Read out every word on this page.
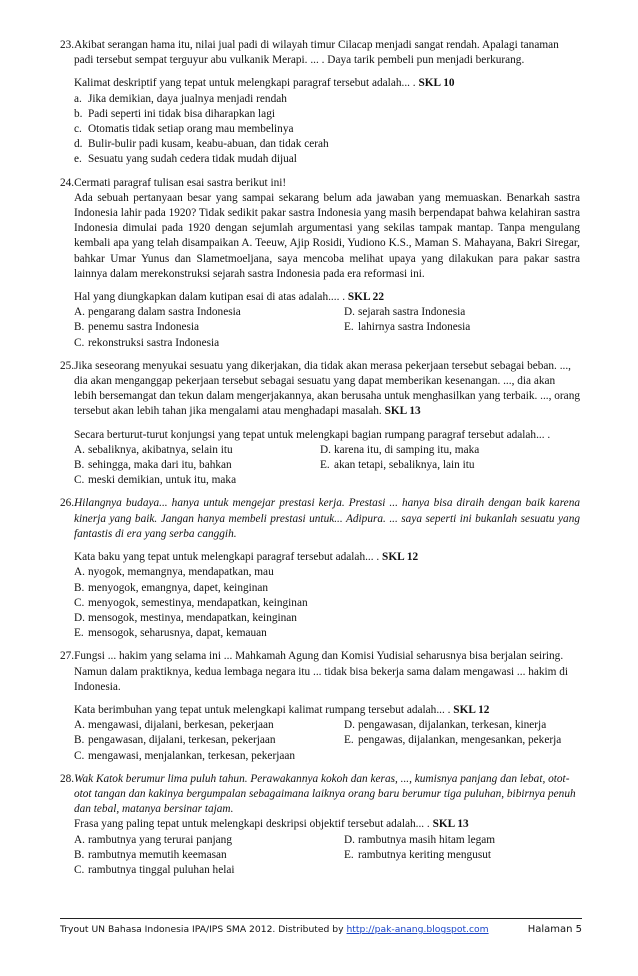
23.Akibat serangan hama itu, nilai jual padi di wilayah timur Cilacap menjadi sangat rendah. Apalagi tanaman padi tersebut sempat terguyur abu vulkanik Merapi. ... . Daya tarik pembeli pun menjadi berkurang.
Kalimat deskriptif yang tepat untuk melengkapi paragraf tersebut adalah... . SKL 10
a. Jika demikian, daya jualnya menjadi rendah
b. Padi seperti ini tidak bisa diharapkan lagi
c. Otomatis tidak setiap orang mau membelinya
d. Bulir-bulir padi kusam, keabu-abuan, dan tidak cerah
e. Sesuatu yang sudah cedera tidak mudah dijual
24.Cermati paragraf tulisan esai sastra berikut ini!
Ada sebuah pertanyaan besar yang sampai sekarang belum ada jawaban yang memuaskan. Benarkah sastra Indonesia lahir pada 1920? Tidak sedikit pakar sastra Indonesia yang masih berpendapat bahwa kelahiran sastra Indonesia dimulai pada 1920 dengan sejumlah argumentasi yang sekilas tampak mantap. Tanpa mengulang kembali apa yang telah disampaikan A. Teeuw, Ajip Rosidi, Yudiono K.S., Maman S. Mahayana, Bakri Siregar, bahkar Umar Yunus dan Slametmoeljana, saya mencoba melihat upaya yang dilakukan para pakar sastra lainnya dalam merekonstruksi sejarah sastra Indonesia pada era reformasi ini.
Hal yang diungkapkan dalam kutipan esai di atas adalah.... . SKL 22
A. pengarang dalam sastra Indonesia	D. sejarah sastra Indonesia
B. penemu sastra Indonesia	E. lahirnya sastra Indonesia
C. rekonstruksi sastra Indonesia
25.Jika seseorang menyukai sesuatu yang dikerjakan, dia tidak akan merasa pekerjaan tersebut sebagai beban. ..., dia akan menganggap pekerjaan tersebut sebagai sesuatu yang dapat memberikan kesenangan. ..., dia akan lebih bersemangat dan tekun dalam mengerjakannya, akan berusaha untuk menghasilkan yang terbaik. ..., orang tersebut akan lebih tahan jika mengalami atau menghadapi masalah. SKL 13
Secara berturut-turut konjungsi yang tepat untuk melengkapi bagian rumpang paragraf tersebut adalah... .
A. sebaliknya, akibatnya, selain itu	D. karena itu, di samping itu, maka
B. sehingga, maka dari itu, bahkan	E. akan tetapi, sebaliknya, lain itu
C. meski demikian, untuk itu, maka
26.Hilangnya budaya... hanya untuk mengejar prestasi kerja. Prestasi ... hanya bisa diraih dengan baik karena kinerja yang baik. Jangan hanya membeli prestasi untuk... Adipura. ... saya seperti ini bukanlah sesuatu yang fantastis di era yang serba canggih.
Kata baku yang tepat untuk melengkapi paragraf tersebut adalah... . SKL 12
A. nyogok, memangnya, mendapatkan, mau
B. menyogok, emangnya, dapet, keinginan
C. menyogok, semestinya, mendapatkan, keinginan
D. mensogok, mestinya, mendapatkan, keinginan
E. mensogok, seharusnya, dapat, kemauan
27.Fungsi ... hakim yang selama ini ... Mahkamah Agung dan Komisi Yudisial seharusnya bisa berjalan seiring. Namun dalam praktiknya, kedua lembaga negara itu ... tidak bisa bekerja sama dalam mengawasi ... hakim di Indonesia.
Kata berimbuhan yang tepat untuk melengkapi kalimat rumpang tersebut adalah... . SKL 12
A. mengawasi, dijalani, berkesan, pekerjaan	D. pengawasan, dijalankan, terkesan, kinerja
B. pengawasan, dijalani, terkesan, pekerjaan	E. pengawas, dijalankan, mengesankan, pekerja
C. mengawasi, menjalankan, terkesan, pekerjaan
28.Wak Katok berumur lima puluh tahun. Perawakannya kokoh dan keras, ..., kumisnya panjang dan lebat, otot-otot tangan dan kakinya bergumpalan sebagaimana laiknya orang baru berumur tiga puluhan, bibirnya penuh dan tebal, matanya bersinar tajam.
Frasa yang paling tepat untuk melengkapi deskripsi objektif tersebut adalah... . SKL 13
A. rambutnya yang terurai panjang	D. rambutnya masih hitam legam
B. rambutnya memutih keemasan	E. rambutnya keriting mengusut
C. rambutnya tinggal puluhan helai
Tryout UN Bahasa Indonesia IPA/IPS SMA 2012. Distributed by http://pak-anang.blogspot.com	Halaman 5
